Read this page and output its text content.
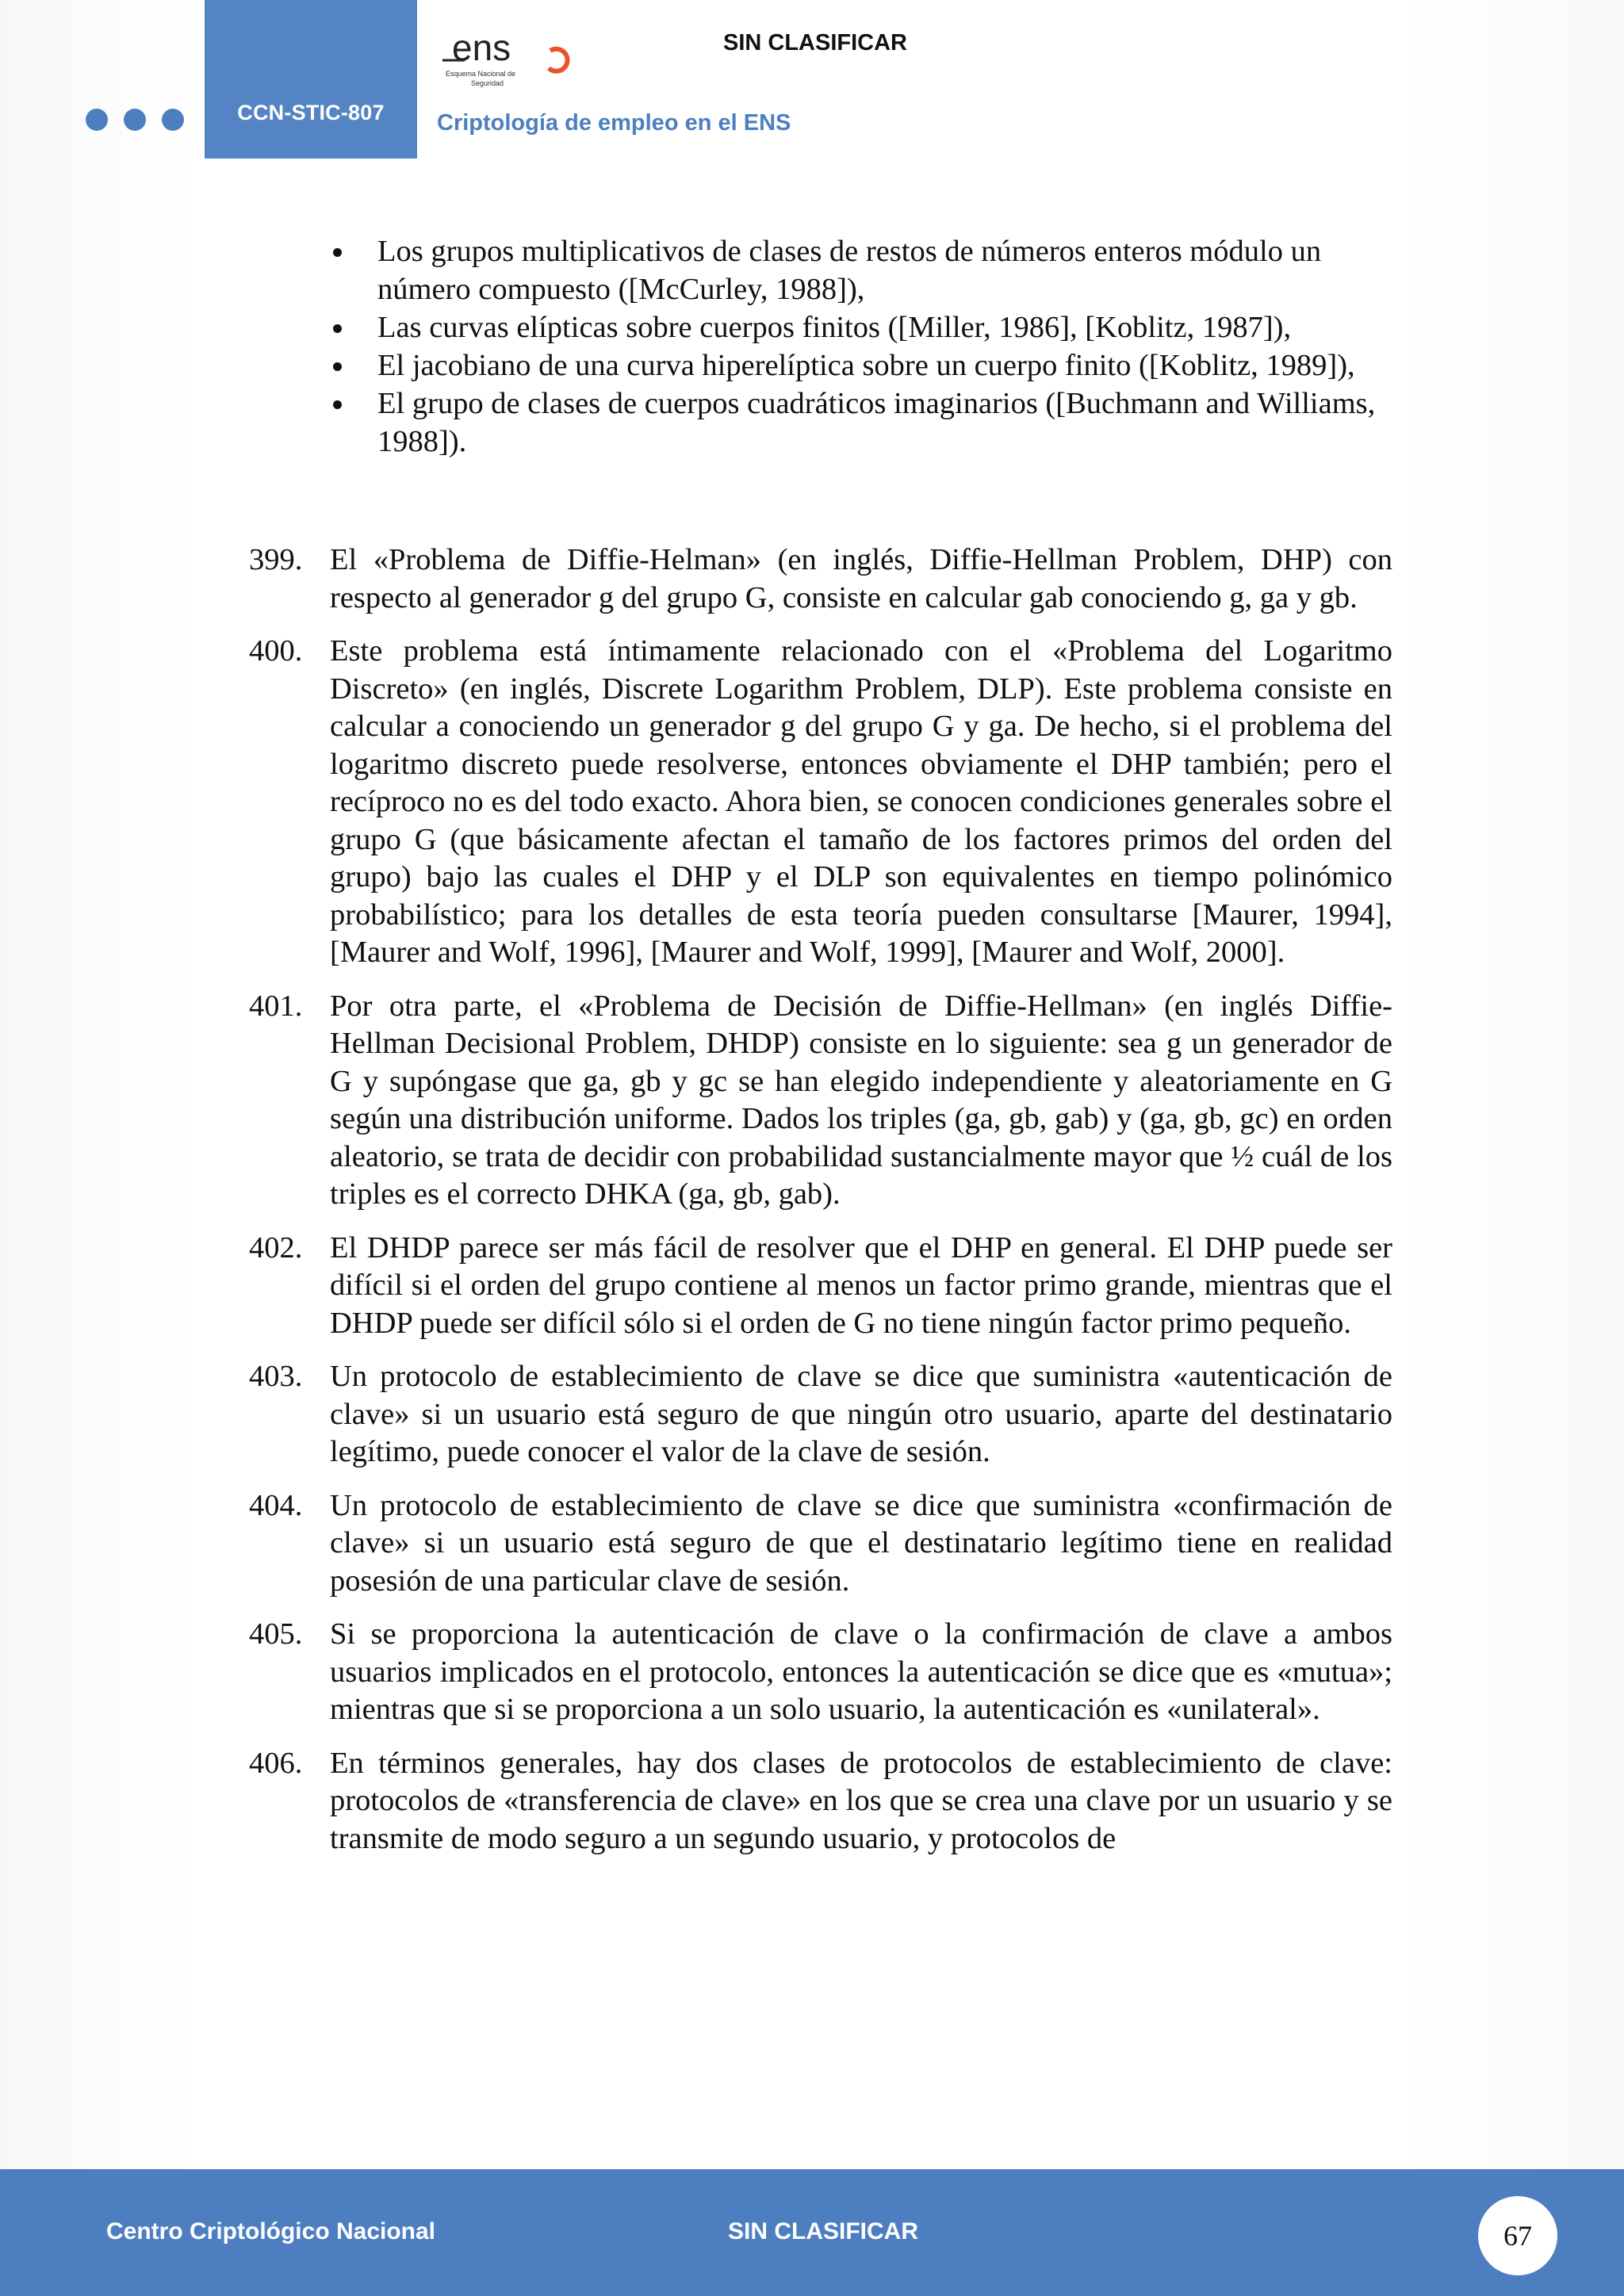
CCN-STIC-807
ens
Esquema Nacional de
Seguridad
SIN CLASIFICAR
Criptología de empleo en el ENS
Los grupos multiplicativos de clases de restos de números enteros módulo un número compuesto ([McCurley, 1988]),
Las curvas elípticas sobre cuerpos finitos ([Miller, 1986], [Koblitz, 1987]),
El jacobiano de una curva hiperelíptica sobre un cuerpo finito ([Koblitz, 1989]),
El grupo de clases de cuerpos cuadráticos imaginarios ([Buchmann and Williams, 1988]).
399. El «Problema de Diffie-Helman» (en inglés, Diffie-Hellman Problem, DHP) con respecto al generador g del grupo G, consiste en calcular gab conociendo g, ga y gb.
400. Este problema está íntimamente relacionado con el «Problema del Logaritmo Discreto» (en inglés, Discrete Logarithm Problem, DLP). Este problema consiste en calcular a conociendo un generador g del grupo G y ga. De hecho, si el problema del logaritmo discreto puede resolverse, entonces obviamente el DHP también; pero el recíproco no es del todo exacto. Ahora bien, se conocen condiciones generales sobre el grupo G (que básicamente afectan el tamaño de los factores primos del orden del grupo) bajo las cuales el DHP y el DLP son equivalentes en tiempo polinómico probabilístico; para los detalles de esta teoría pueden consultarse [Maurer, 1994], [Maurer and Wolf, 1996], [Maurer and Wolf, 1999], [Maurer and Wolf, 2000].
401. Por otra parte, el «Problema de Decisión de Diffie-Hellman» (en inglés Diffie-Hellman Decisional Problem, DHDP) consiste en lo siguiente: sea g un generador de G y supóngase que ga, gb y gc se han elegido independiente y aleatoriamente en G según una distribución uniforme. Dados los triples (ga, gb, gab) y (ga, gb, gc) en orden aleatorio, se trata de decidir con probabilidad sustancialmente mayor que ½ cuál de los triples es el correcto DHKA (ga, gb, gab).
402. El DHDP parece ser más fácil de resolver que el DHP en general. El DHP puede ser difícil si el orden del grupo contiene al menos un factor primo grande, mientras que el DHDP puede ser difícil sólo si el orden de G no tiene ningún factor primo pequeño.
403. Un protocolo de establecimiento de clave se dice que suministra «autenticación de clave» si un usuario está seguro de que ningún otro usuario, aparte del destinatario legítimo, puede conocer el valor de la clave de sesión.
404. Un protocolo de establecimiento de clave se dice que suministra «confirmación de clave» si un usuario está seguro de que el destinatario legítimo tiene en realidad posesión de una particular clave de sesión.
405. Si se proporciona la autenticación de clave o la confirmación de clave a ambos usuarios implicados en el protocolo, entonces la autenticación se dice que es «mutua»; mientras que si se proporciona a un solo usuario, la autenticación es «unilateral».
406. En términos generales, hay dos clases de protocolos de establecimiento de clave: protocolos de «transferencia de clave» en los que se crea una clave por un usuario y se transmite de modo seguro a un segundo usuario, y protocolos de
Centro Criptológico Nacional	SIN CLASIFICAR	67
